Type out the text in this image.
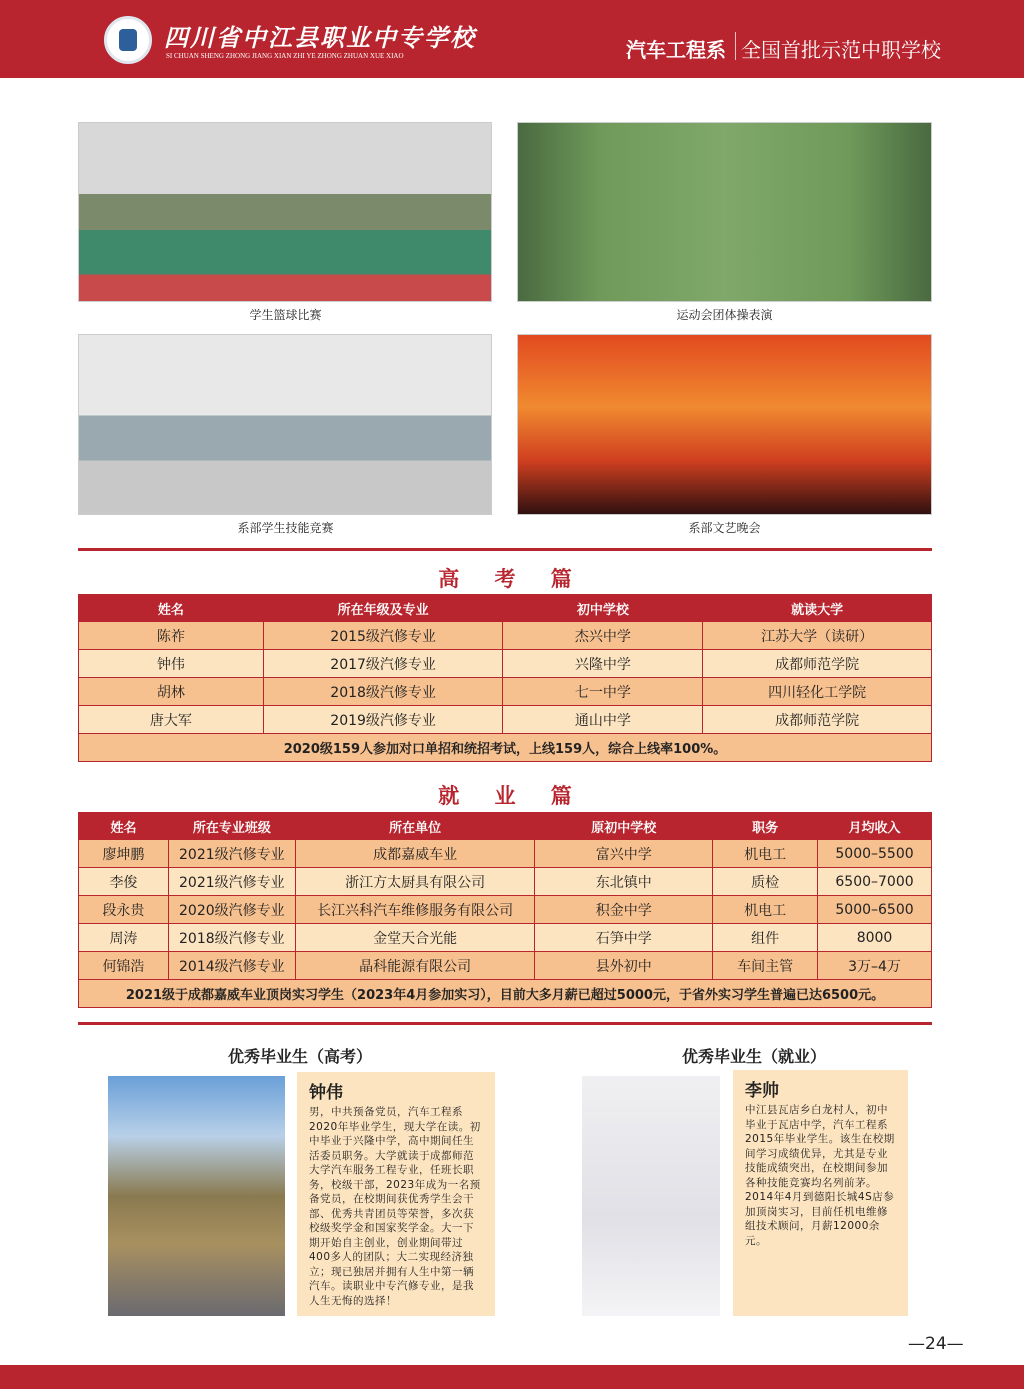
四川省中江县职业中专学校
SI CHUAN SHENG ZHONG JIANG XIAN ZHI YE ZHONG ZHUAN XUE XIAO	汽车工程系 全国首批示范中职学校
学生篮球比赛	运动会团体操表演
系部学生技能竞赛	系部文艺晚会
高 考 篇
姓名	所在年级及专业	初中学校	就读大学
陈祚	2015级汽修专业	杰兴中学	江苏大学（读研）
钟伟	2017级汽修专业	兴隆中学	成都师范学院
胡林	2018级汽修专业	七一中学	四川轻化工学院
唐大军	2019级汽修专业	通山中学	成都师范学院
2020级159人参加对口单招和统招考试，上线159人，综合上线率100%。			
就 业 篇
姓名	所在专业班级	所在单位	原初中学校	职务	月均收入
廖坤鹏	2021级汽修专业	成都嘉威车业	富兴中学	机电工	5000–5500
李俊	2021级汽修专业	浙江方太厨具有限公司	东北镇中	质检	6500–7000
段永贵	2020级汽修专业	长江兴科汽车维修服务有限公司	积金中学	机电工	5000–6500
周涛	2018级汽修专业	金堂天合光能	石笋中学	组件	8000
何锦浩	2014级汽修专业	晶科能源有限公司	县外初中	车间主管	3万–4万
2021级于成都嘉威车业顶岗实习学生（2023年4月参加实习），目前大多月薪已超过5000元，于省外实习学生普遍已达6500元。					
优秀毕业生（高考）
钟伟

男，中共预备党员，汽车工程系2020年毕业学生，现大学在读。初中毕业于兴隆中学，高中期间任生活委员职务。大学就读于成都师范大学汽车服务工程专业，任班长职务，校级干部，2023年成为一名预备党员，在校期间获优秀学生会干部、优秀共青团员等荣誉，多次获校级奖学金和国家奖学金。大一下期开始自主创业，创业期间带过400多人的团队；大二实现经济独立；现已独居并拥有人生中第一辆汽车。读职业中专汽修专业，是我人生无悔的选择！

优秀毕业生（就业）
李帅

中江县瓦店乡白龙村人，初中毕业于瓦店中学，汽车工程系2015年毕业学生。该生在校期间学习成绩优异，尤其是专业技能成绩突出，在校期间参加各种技能竞赛均名列前茅。2014年4月到德阳长城4S店参加顶岗实习，目前任机电维修组技术顾问，月薪12000余元。

—24—
